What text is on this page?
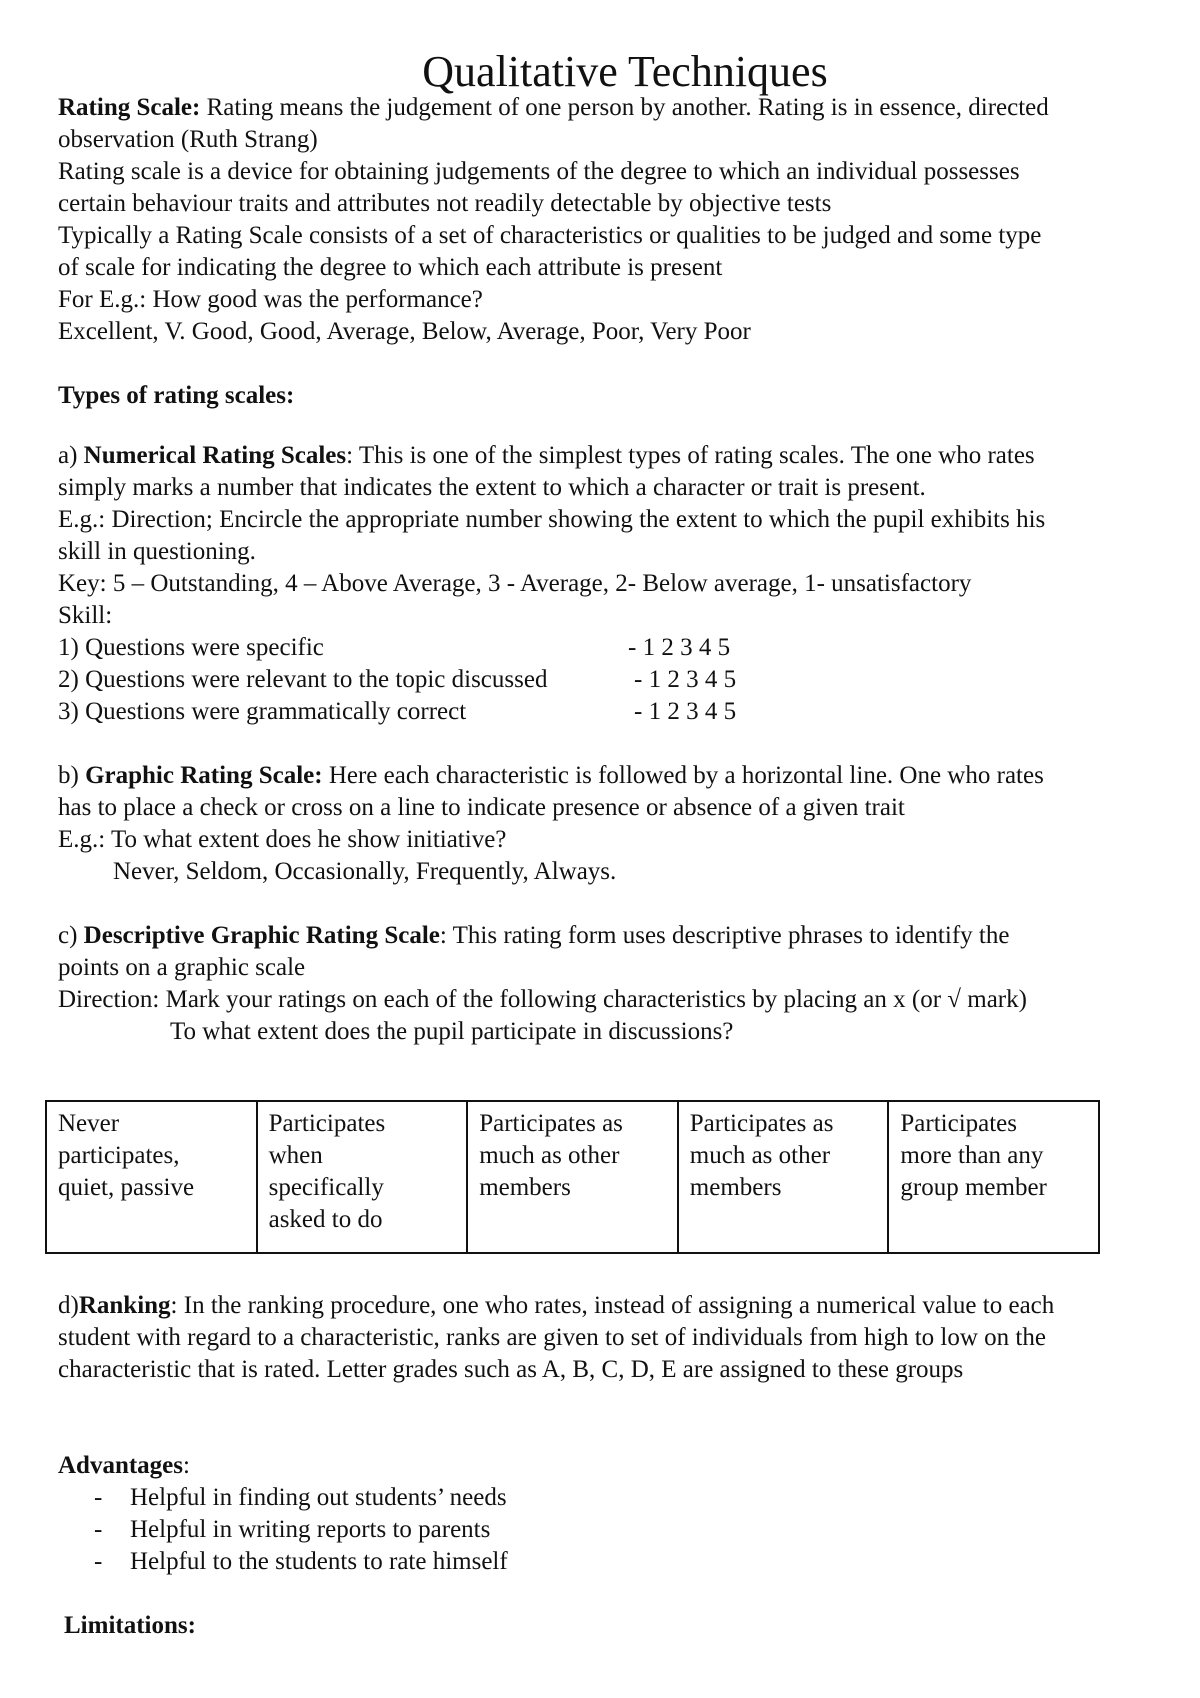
Qualitative Techniques
Rating Scale: Rating means the judgement of one person by another. Rating is in essence, directed
observation (Ruth Strang)
Rating scale is a device for obtaining judgements of the degree to which an individual possesses
certain behaviour traits and attributes not readily detectable by objective tests
Typically a Rating Scale consists of a set of characteristics or qualities to be judged and some type
of scale for indicating the degree to which each attribute is present
For E.g.: How good was the performance?
Excellent, V. Good, Good, Average, Below, Average, Poor, Very Poor
Types of rating scales:
a) Numerical Rating Scales: This is one of the simplest types of rating scales. The one who rates
simply marks a number that indicates the extent to which a character or trait is present.
E.g.: Direction; Encircle the appropriate number showing the extent to which the pupil exhibits his
skill in questioning.
Key: 5 – Outstanding, 4 – Above Average, 3 - Average, 2- Below average, 1- unsatisfactory
Skill:
1) Questions were specific	- 1 2 3 4 5
2) Questions were relevant to the topic discussed	- 1 2 3 4 5
3) Questions were grammatically correct	- 1 2 3 4 5
b) Graphic Rating Scale: Here each characteristic is followed by a horizontal line. One who rates
has to place a check or cross on a line to indicate presence or absence of a given trait
E.g.: To what extent does he show initiative?
Never, Seldom, Occasionally, Frequently, Always.
c) Descriptive Graphic Rating Scale: This rating form uses descriptive phrases to identify the
points on a graphic scale
Direction: Mark your ratings on each of the following characteristics by placing an x (or √ mark)
To what extent does the pupil participate in discussions?
Never
participates,
quiet, passive	Participates
when
specifically
asked to do	Participates as
much as other
members	Participates as
much as other
members	Participates
more than any
group member
d)Ranking: In the ranking procedure, one who rates, instead of assigning a numerical value to each
student with regard to a characteristic, ranks are given to set of individuals from high to low on the
characteristic that is rated. Letter grades such as A, B, C, D, E are assigned to these groups
Advantages:
- Helpful in finding out students’ needs
- Helpful in writing reports to parents
- Helpful to the students to rate himself
Limitations:
